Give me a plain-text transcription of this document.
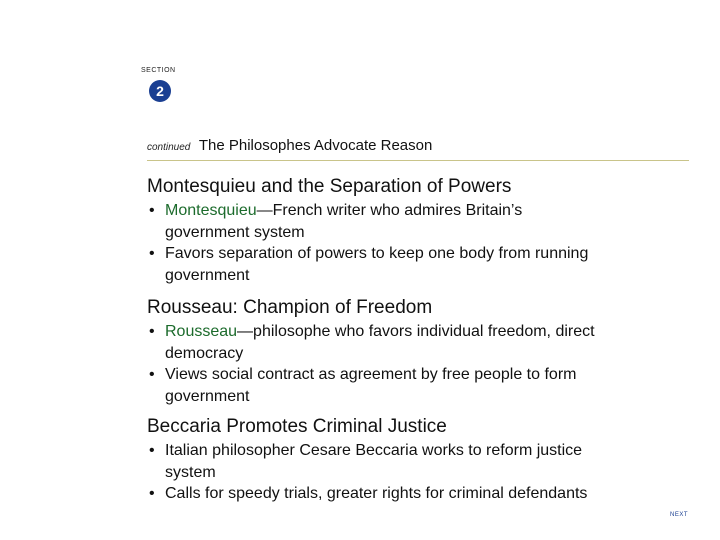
SECTION
2
continued The Philosophes Advocate Reason
Montesquieu and the Separation of Powers
• Montesquieu—French writer who admires Britain’s government system
• Favors separation of powers to keep one body from running government
Rousseau: Champion of Freedom
• Rousseau—philosophe who favors individual freedom, direct democracy
• Views social contract as agreement by free people to form government
Beccaria Promotes Criminal Justice
• Italian philosopher Cesare Beccaria works to reform justice system
• Calls for speedy trials, greater rights for criminal defendants
NEXT
